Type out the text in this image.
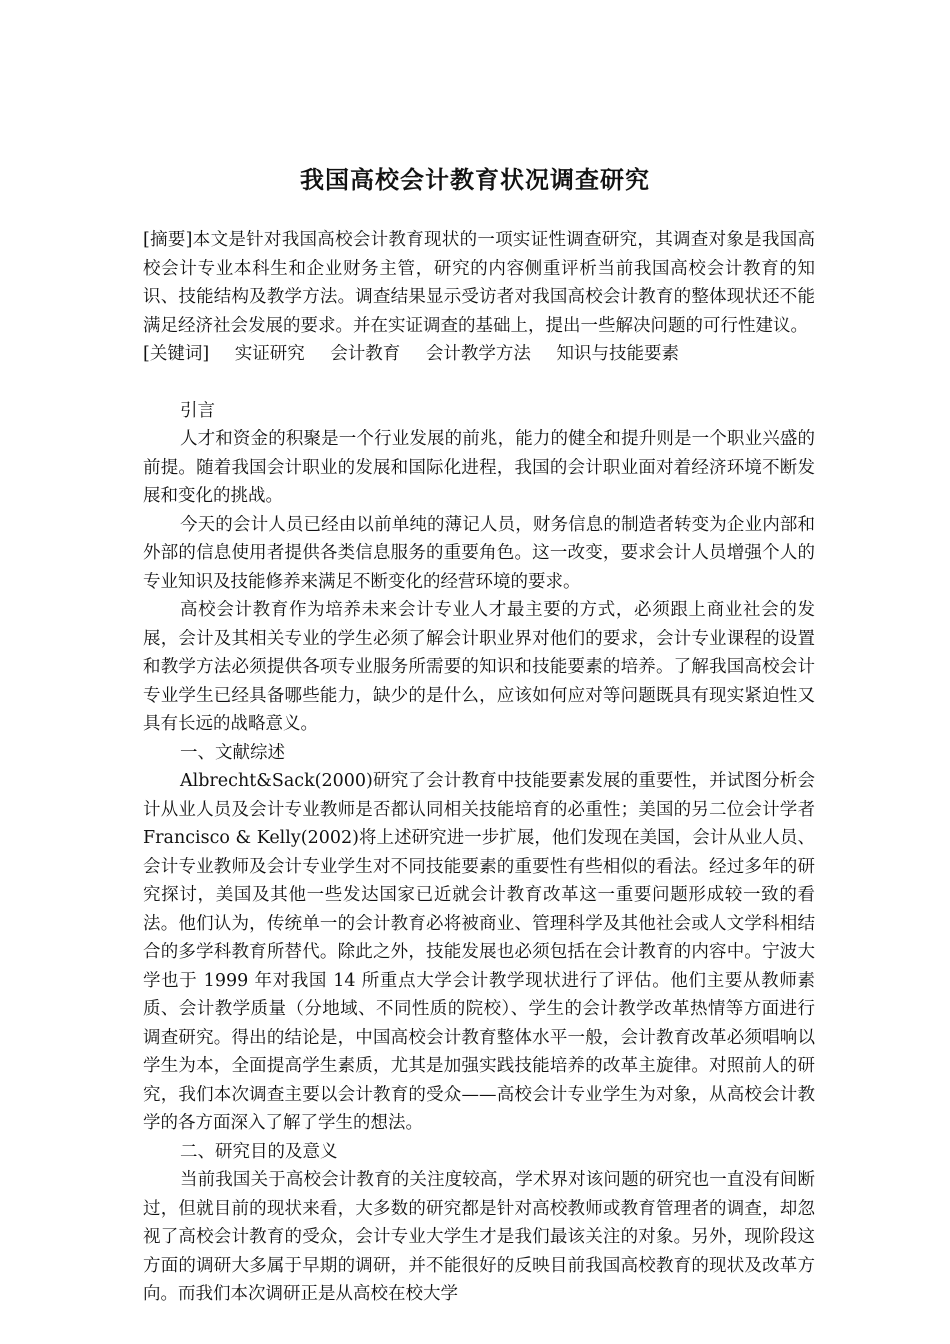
我国高校会计教育状况调查研究

[摘要]本文是针对我国高校会计教育现状的一项实证性调查研究，其调查对象是我国高校会计专业本科生和企业财务主管，研究的内容侧重评析当前我国高校会计教育的知识、技能结构及教学方法。调查结果显示受访者对我国高校会计教育的整体现状还不能满足经济社会发展的要求。并在实证调查的基础上，提出一些解决问题的可行性建议。

[关键词] 实证研究 会计教育 会计教学方法 知识与技能要素

引言

人才和资金的积聚是一个行业发展的前兆，能力的健全和提升则是一个职业兴盛的前提。随着我国会计职业的发展和国际化进程，我国的会计职业面对着经济环境不断发展和变化的挑战。

今天的会计人员已经由以前单纯的薄记人员，财务信息的制造者转变为企业内部和外部的信息使用者提供各类信息服务的重要角色。这一改变，要求会计人员增强个人的专业知识及技能修养来满足不断变化的经营环境的要求。

高校会计教育作为培养未来会计专业人才最主要的方式，必须跟上商业社会的发展，会计及其相关专业的学生必须了解会计职业界对他们的要求，会计专业课程的设置和教学方法必须提供各项专业服务所需要的知识和技能要素的培养。了解我国高校会计专业学生已经具备哪些能力，缺少的是什么，应该如何应对等问题既具有现实紧迫性又具有长远的战略意义。

一、文献综述

Albrecht&Sack(2000)研究了会计教育中技能要素发展的重要性，并试图分析会计从业人员及会计专业教师是否都认同相关技能培育的必重性；美国的另二位会计学者 Francisco & Kelly(2002)将上述研究进一步扩展，他们发现在美国，会计从业人员、会计专业教师及会计专业学生对不同技能要素的重要性有些相似的看法。经过多年的研究探讨，美国及其他一些发达国家已近就会计教育改革这一重要问题形成较一致的看法。他们认为，传统单一的会计教育必将被商业、管理科学及其他社会或人文学科相结合的多学科教育所替代。除此之外，技能发展也必须包括在会计教育的内容中。宁波大学也于 1999 年对我国 14 所重点大学会计教学现状进行了评估。他们主要从教师素质、会计教学质量（分地域、不同性质的院校）、学生的会计教学改革热情等方面进行调查研究。得出的结论是，中国高校会计教育整体水平一般，会计教育改革必须唱响以学生为本，全面提高学生素质，尤其是加强实践技能培养的改革主旋律。对照前人的研究，我们本次调查主要以会计教育的受众——高校会计专业学生为对象，从高校会计教学的各方面深入了解了学生的想法。

二、研究目的及意义

当前我国关于高校会计教育的关注度较高，学术界对该问题的研究也一直没有间断过，但就目前的现状来看，大多数的研究都是针对高校教师或教育管理者的调查，却忽视了高校会计教育的受众，会计专业大学生才是我们最该关注的对象。另外，现阶段这方面的调研大多属于早期的调研，并不能很好的反映目前我国高校教育的现状及改革方向。而我们本次调研正是从高校在校大学
